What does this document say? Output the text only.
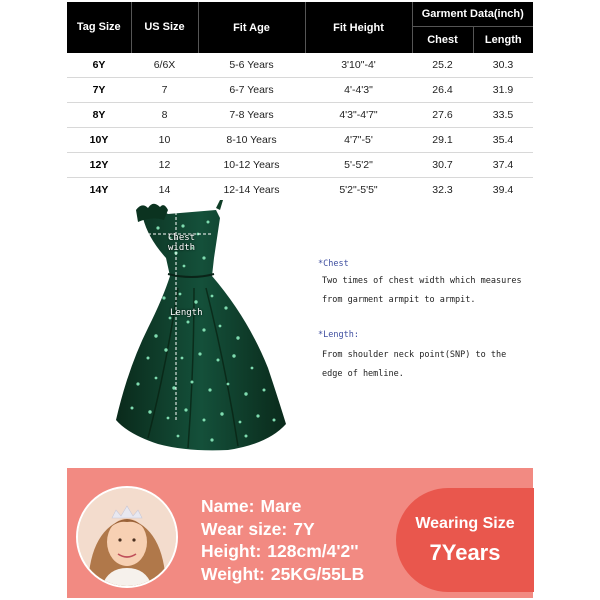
Tag Size	US Size	Fit Age	Fit Height	Garment Data(inch)	
				Chest	Length
6Y	6/6X	5-6 Years	3'10"-4'	25.2	30.3
7Y	7	6-7 Years	4'-4'3"	26.4	31.9
8Y	8	7-8 Years	4'3"-4'7"	27.6	33.5
10Y	10	8-10 Years	4'7"-5'	29.1	35.4
12Y	12	10-12 Years	5'-5'2"	30.7	37.4
14Y	14	12-14 Years	5'2"-5'5"	32.3	39.4
Chest
width
Length
*Chest
Two times of chest width which measures
from garment armpit to armpit.
*Length:
From shoulder neck point(SNP) to the
edge of hemline.
Name: Mare
Wear size: 7Y
Height: 128cm/4'2''
Weight: 25KG/55LB
Wearing Size
7Years
